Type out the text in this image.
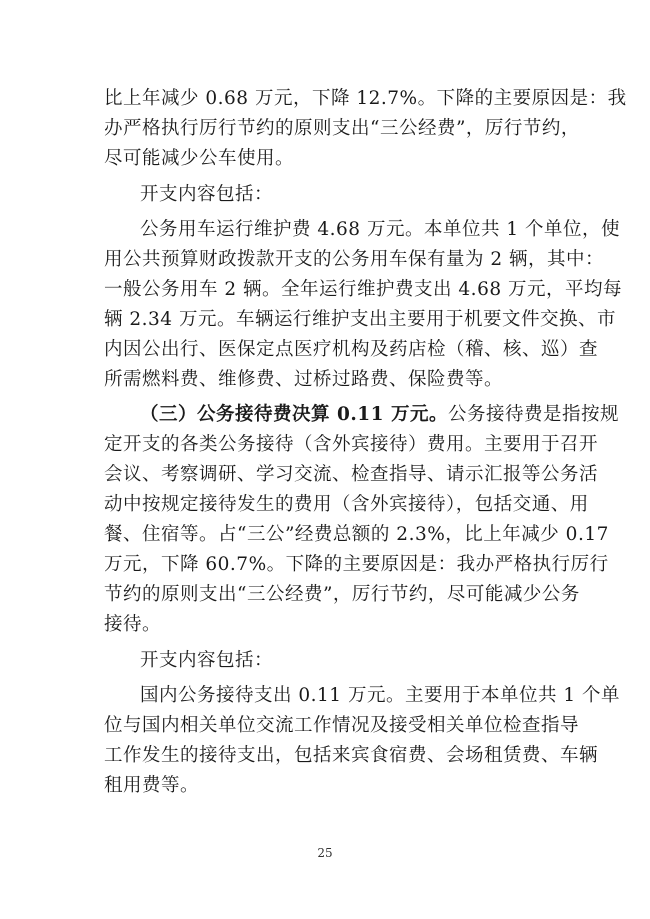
比上年减少 0.68 万元，下降 12.7%。下降的主要原因是：我
办严格执行厉行节约的原则支出“三公经费”，厉行节约，
尽可能减少公车使用。
开支内容包括：
公务用车运行维护费 4.68 万元。本单位共 1 个单位，使
用公共预算财政拨款开支的公务用车保有量为 2 辆，其中：
一般公务用车 2 辆。全年运行维护费支出 4.68 万元，平均每
辆 2.34 万元。车辆运行维护支出主要用于机要文件交换、市
内因公出行、医保定点医疗机构及药店检（稽、核、巡）查
所需燃料费、维修费、过桥过路费、保险费等。
（三）公务接待费决算 0.11 万元。公务接待费是指按规
定开支的各类公务接待（含外宾接待）费用。主要用于召开
会议、考察调研、学习交流、检查指导、请示汇报等公务活
动中按规定接待发生的费用（含外宾接待），包括交通、用
餐、住宿等。占“三公”经费总额的 2.3%，比上年减少 0.17
万元，下降 60.7%。下降的主要原因是：我办严格执行厉行
节约的原则支出“三公经费”，厉行节约，尽可能减少公务
接待。
开支内容包括：
国内公务接待支出 0.11 万元。主要用于本单位共 1 个单
位与国内相关单位交流工作情况及接受相关单位检查指导
工作发生的接待支出，包括来宾食宿费、会场租赁费、车辆
租用费等。
25
